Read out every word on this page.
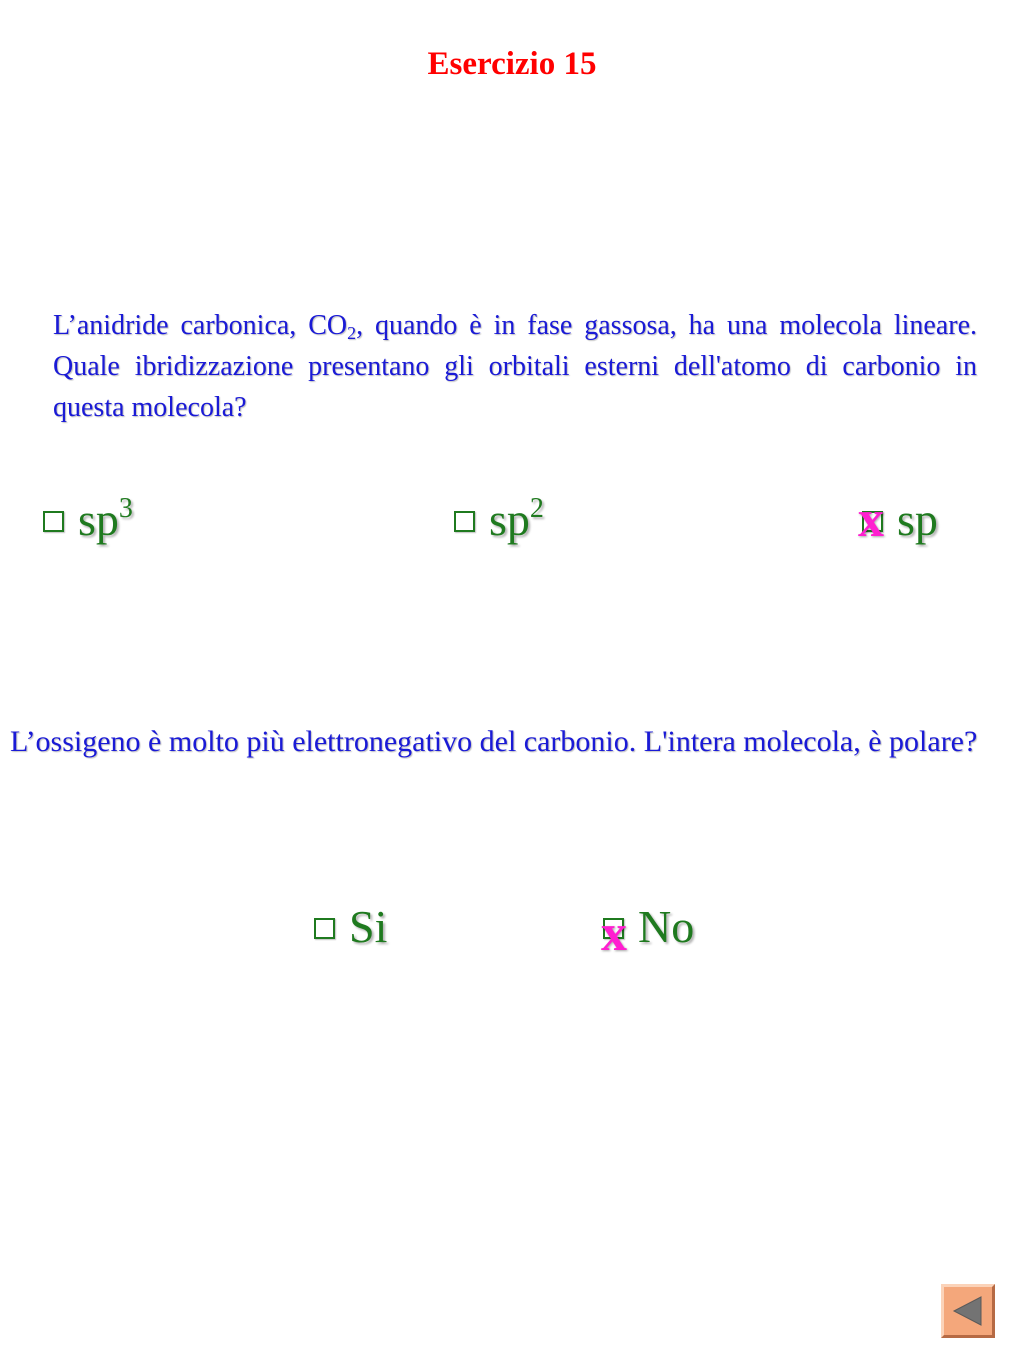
Esercizio 15
L’anidride carbonica, $CO_2$, quando è in fase gassosa, ha una molecola lineare. Quale ibridizzazione presentano gli orbitali esterni dell'atomo di carbonio in questa molecola?
$sp^3$	$sp^2$	sp
x
L’ossigeno è molto più elettronegativo del carbonio. L'intera molecola, è polare?
Si	No
x
